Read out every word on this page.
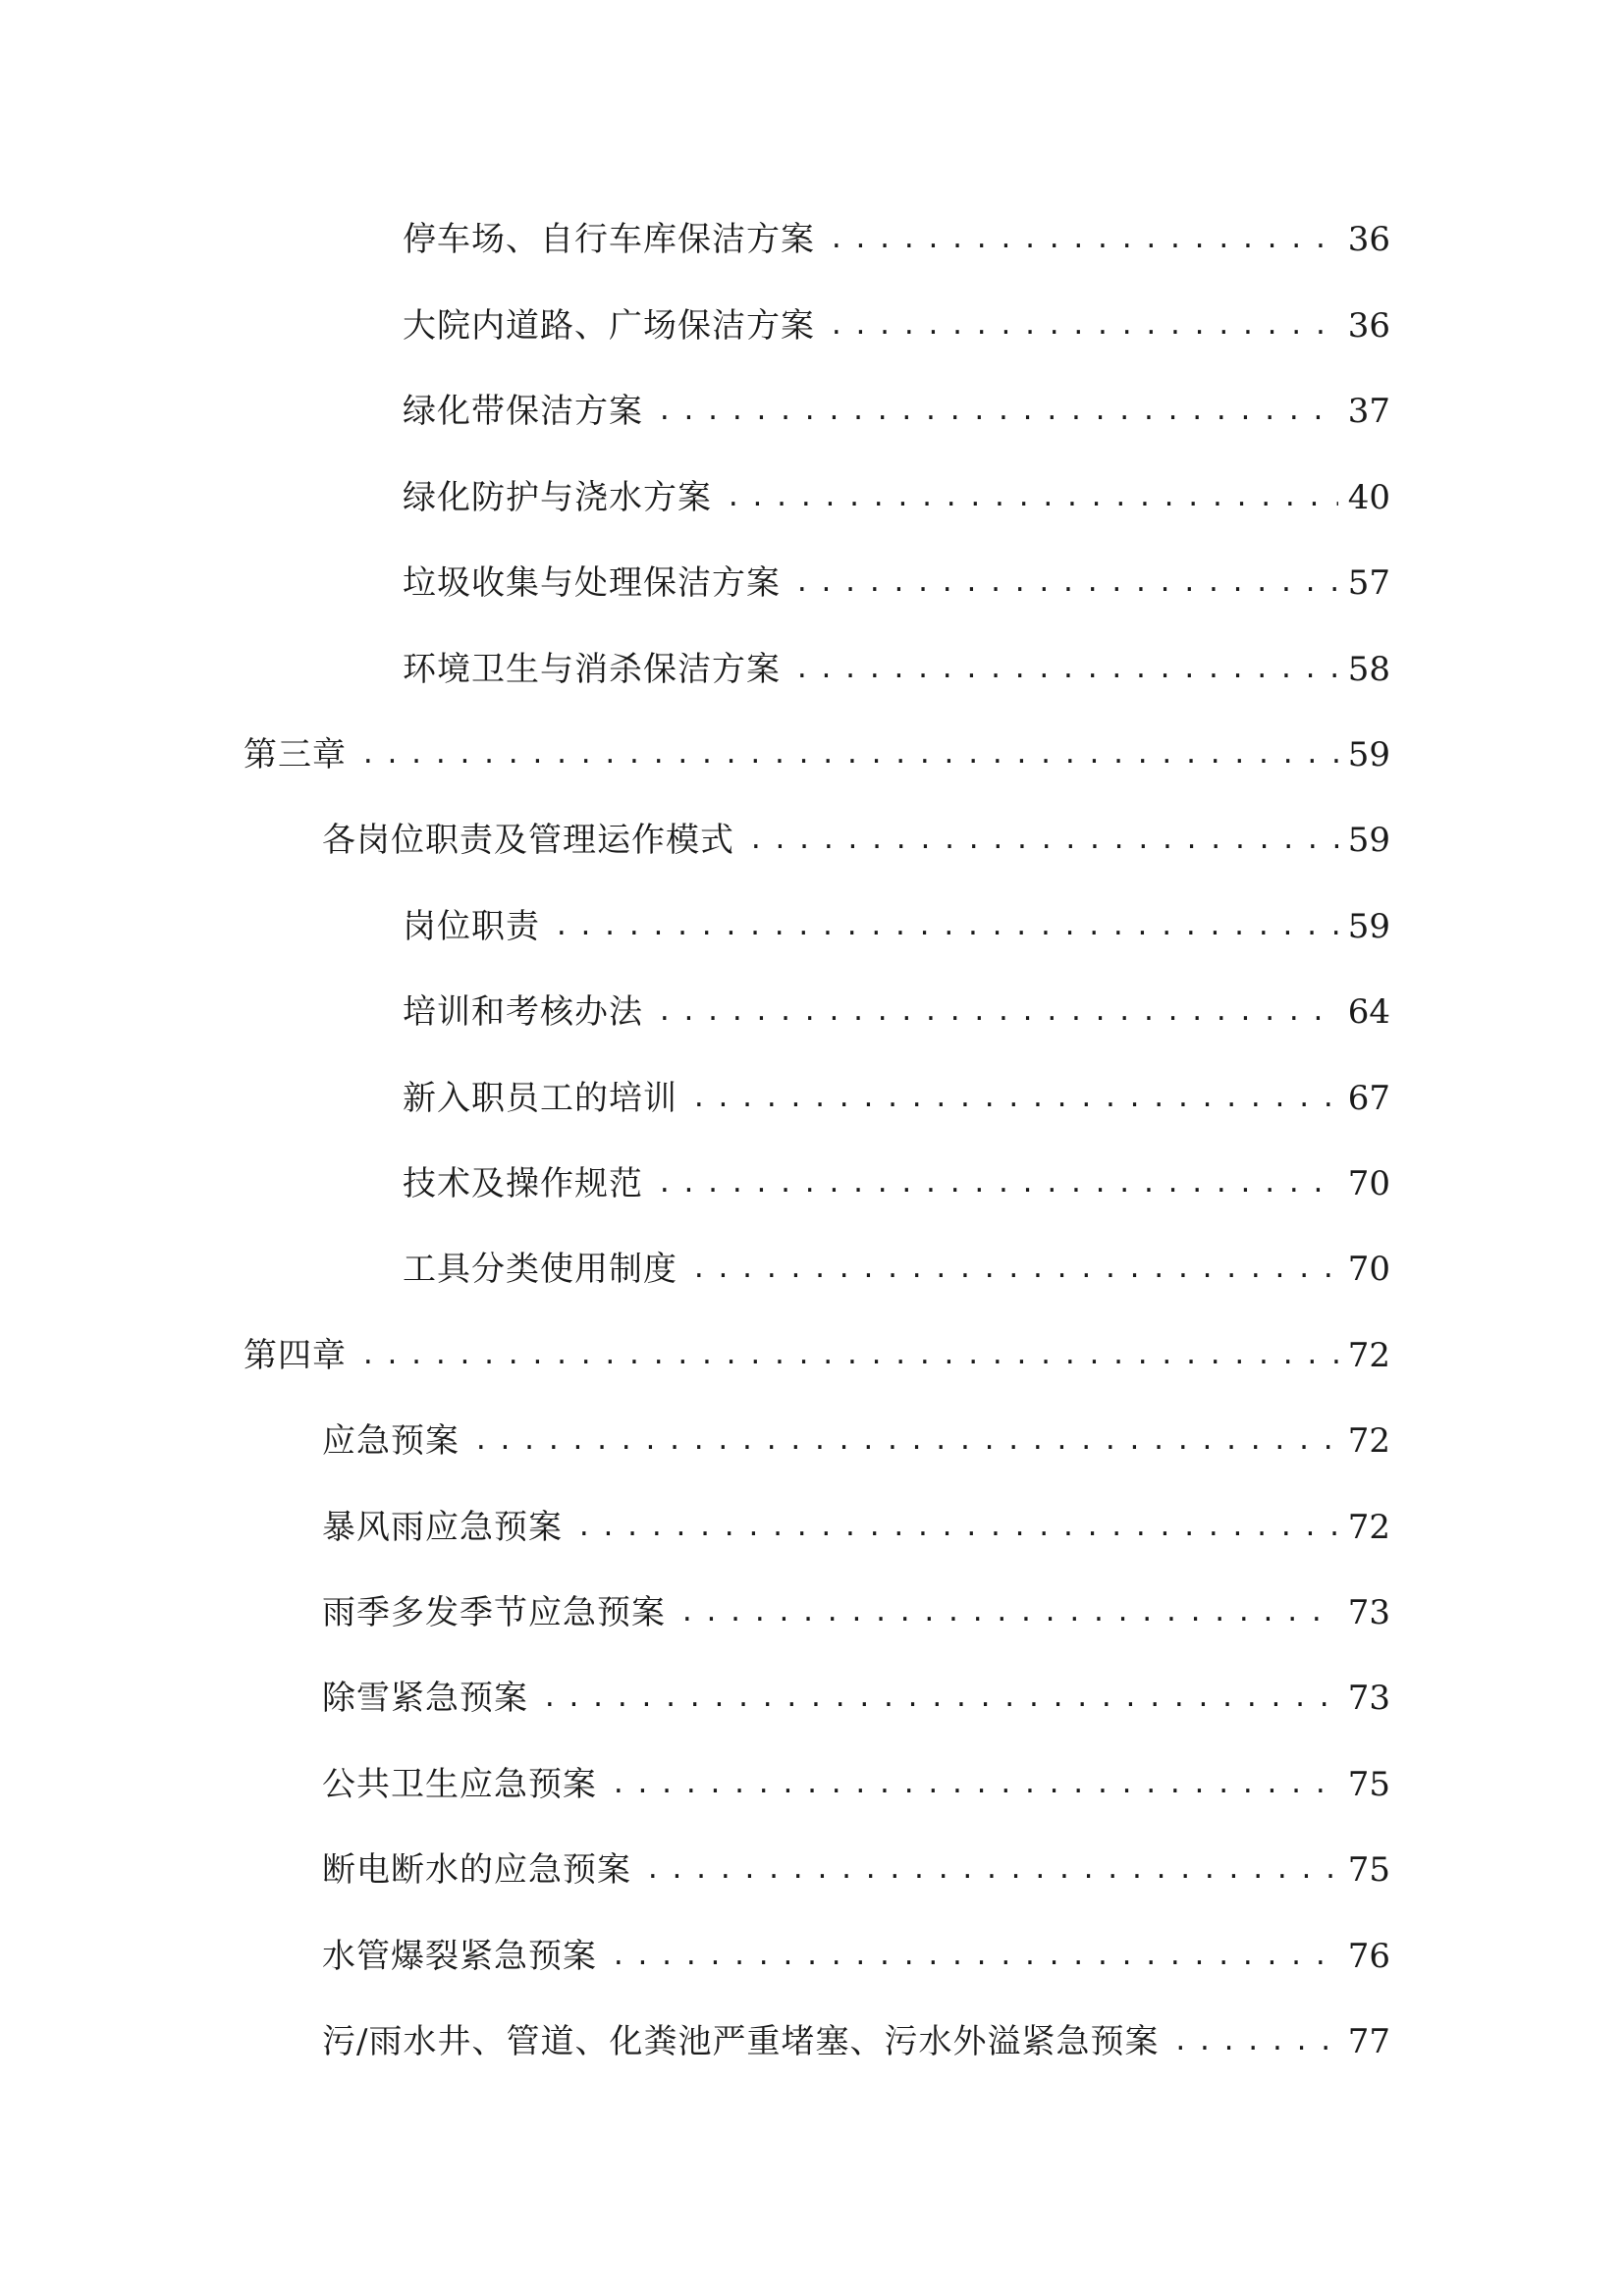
停车场、自行车库保洁方案 .....	36
大院内道路、广场保洁方案 .....	36
绿化带保洁方案 .....	37
绿化防护与浇水方案 .....	40
垃圾收集与处理保洁方案 .....	57
环境卫生与消杀保洁方案 .....	58
第三章 .....	59
各岗位职责及管理运作模式 .....	59
岗位职责 .....	59
培训和考核办法 .....	64
新入职员工的培训 .....	67
技术及操作规范 .....	70
工具分类使用制度 .....	70
第四章 .....	72
应急预案 .....	72
暴风雨应急预案 .....	72
雨季多发季节应急预案 .....	73
除雪紧急预案 .....	73
公共卫生应急预案 .....	75
断电断水的应急预案 .....	75
水管爆裂紧急预案 .....	76
污/雨水井、管道、化粪池严重堵塞、污水外溢紧急预案 .....	77
